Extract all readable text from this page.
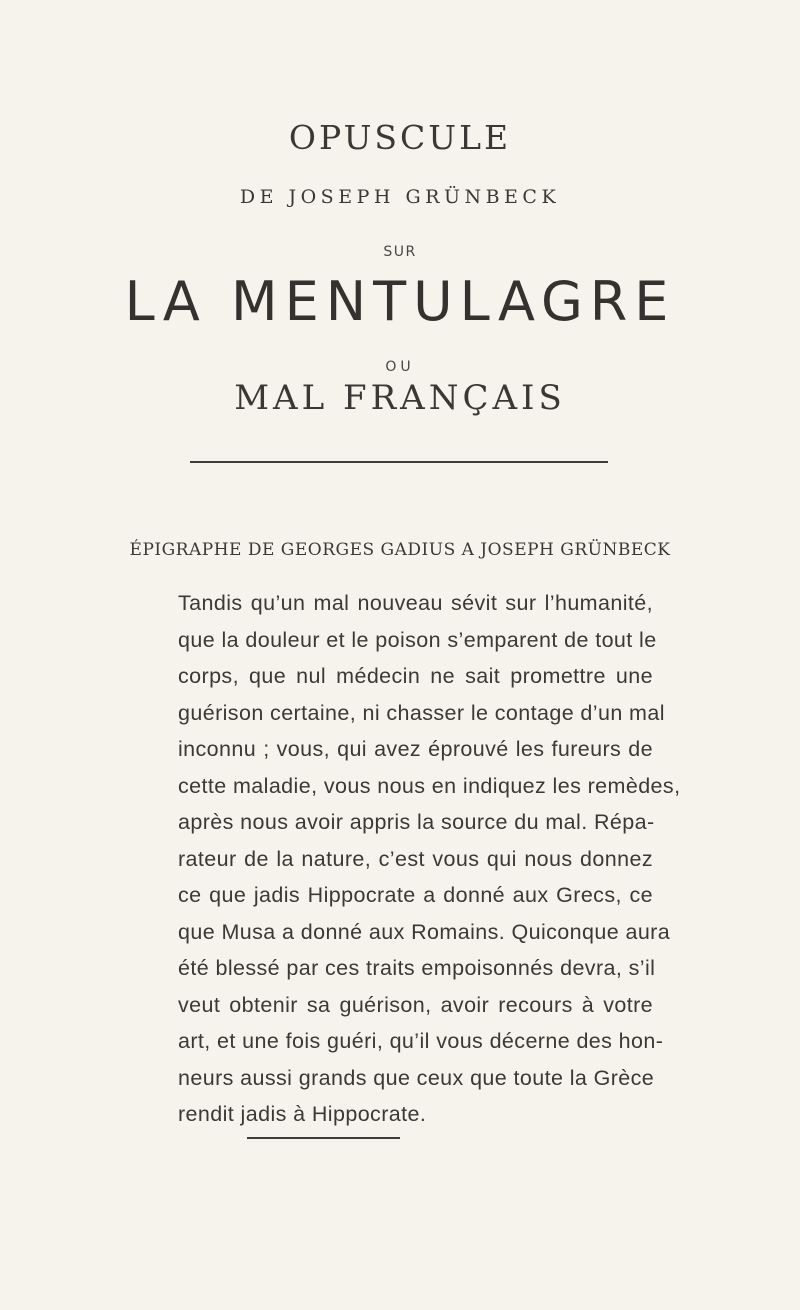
OPUSCULE
DE JOSEPH GRÜNBECK
SUR
LA MENTULAGRE
OU
MAL FRANÇAIS
ÉPIGRAPHE DE GEORGES GADIUS A JOSEPH GRÜNBECK
Tandis qu’un mal nouveau sévit sur l’humanité,
que la douleur et le poison s’emparent de tout le
corps, que nul médecin ne sait promettre une
guérison certaine, ni chasser le contage d’un mal
inconnu ; vous, qui avez éprouvé les fureurs de
cette maladie, vous nous en indiquez les remèdes,
après nous avoir appris la source du mal. Répa-
rateur de la nature, c’est vous qui nous donnez
ce que jadis Hippocrate a donné aux Grecs, ce
que Musa a donné aux Romains. Quiconque aura
été blessé par ces traits empoisonnés devra, s’il
veut obtenir sa guérison, avoir recours à votre
art, et une fois guéri, qu’il vous décerne des hon-
neurs aussi grands que ceux que toute la Grèce
rendit jadis à Hippocrate.
